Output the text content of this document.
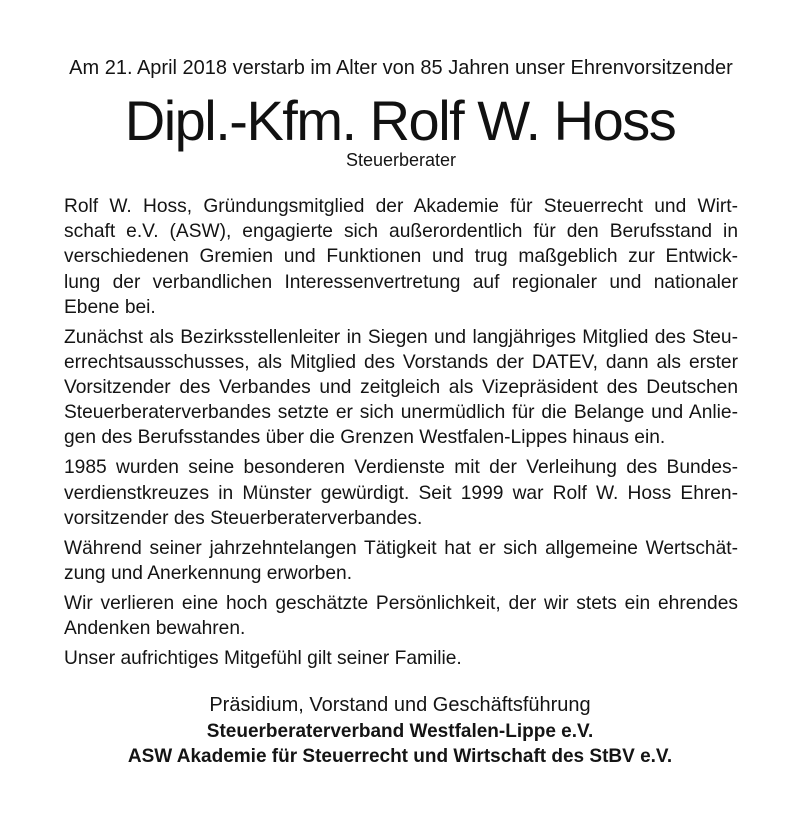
Am 21. April 2018 verstarb im Alter von 85 Jahren unser Ehrenvorsitzender
Dipl.-Kfm. Rolf W. Hoss
Steuerberater

Rolf W. Hoss, Gründungsmitglied der Akademie für Steuerrecht und Wirt-
schaft e.V. (ASW), engagierte sich außerordentlich für den Berufsstand in
verschiedenen Gremien und Funktionen und trug maßgeblich zur Entwick-
lung der verbandlichen Interessenvertretung auf regionaler und nationaler
Ebene bei.

Zunächst als Bezirksstellenleiter in Siegen und langjähriges Mitglied des Steu-
errechtsausschusses, als Mitglied des Vorstands der DATEV, dann als erster
Vorsitzender des Verbandes und zeitgleich als Vizepräsident des Deutschen
Steuerberaterverbandes setzte er sich unermüdlich für die Belange und Anlie-
gen des Berufsstandes über die Grenzen Westfalen-Lippes hinaus ein.

1985 wurden seine besonderen Verdienste mit der Verleihung des Bundes-
verdienstkreuzes in Münster gewürdigt. Seit 1999 war Rolf W. Hoss Ehren-
vorsitzender des Steuerberaterverbandes.

Während seiner jahrzehntelangen Tätigkeit hat er sich allgemeine Wertschät-
zung und Anerkennung erworben.

Wir verlieren eine hoch geschätzte Persönlichkeit, der wir stets ein ehrendes
Andenken bewahren.

Unser aufrichtiges Mitgefühl gilt seiner Familie.

Präsidium, Vorstand und Geschäftsführung
Steuerberaterverband Westfalen-Lippe e.V.
ASW Akademie für Steuerrecht und Wirtschaft des StBV e.V.
